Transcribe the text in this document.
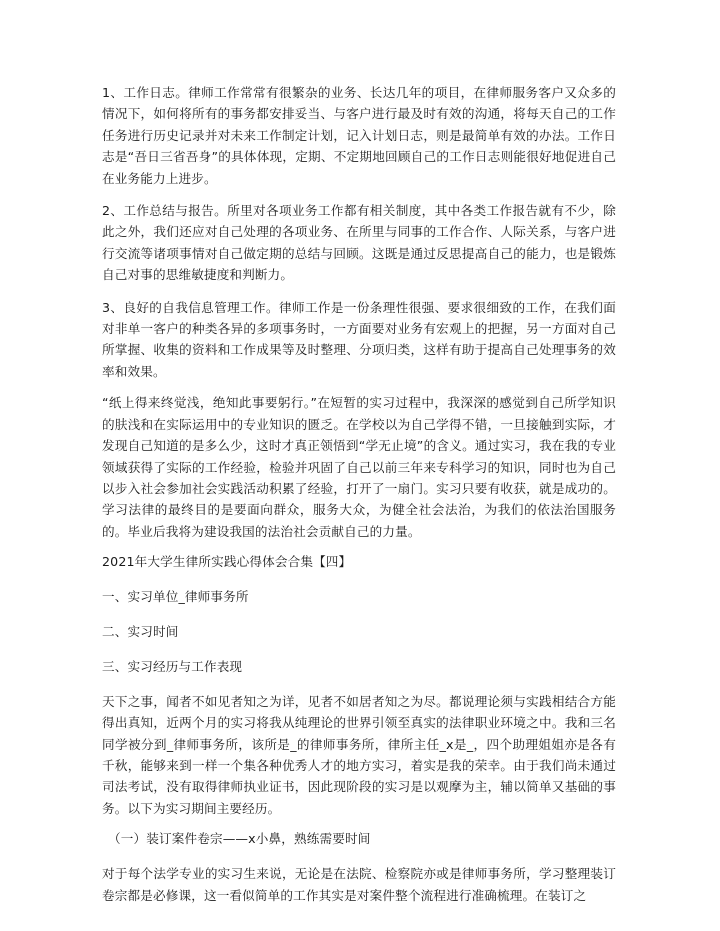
1、工作日志。律师工作常常有很繁杂的业务、长达几年的项目，在律师服务客户又众多的情况下，如何将所有的事务都安排妥当、与客户进行最及时有效的沟通，将每天自己的工作任务进行历史记录并对未来工作制定计划，记入计划日志，则是最简单有效的办法。工作日志是“吾日三省吾身”的具体体现，定期、不定期地回顾自己的工作日志则能很好地促进自己在业务能力上进步。

2、工作总结与报告。所里对各项业务工作都有相关制度，其中各类工作报告就有不少，除此之外，我们还应对自己处理的各项业务、在所里与同事的工作合作、人际关系，与客户进行交流等诸项事情对自己做定期的总结与回顾。这既是通过反思提高自己的能力，也是锻炼自己对事的思维敏捷度和判断力。

3、良好的自我信息管理工作。律师工作是一份条理性很强、要求很细致的工作，在我们面对非单一客户的种类各异的多项事务时，一方面要对业务有宏观上的把握，另一方面对自己所掌握、收集的资料和工作成果等及时整理、分项归类，这样有助于提高自己处理事务的效率和效果。

“纸上得来终觉浅，绝知此事要躬行。”在短暂的实习过程中，我深深的感觉到自己所学知识的肤浅和在实际运用中的专业知识的匮乏。在学校以为自己学得不错，一旦接触到实际，才发现自己知道的是多么少，这时才真正领悟到“学无止境”的含义。通过实习，我在我的专业领域获得了实际的工作经验，检验并巩固了自己以前三年来专科学习的知识，同时也为自己以步入社会参加社会实践活动积累了经验，打开了一扇门。实习只要有收获，就是成功的。学习法律的最终目的是要面向群众，服务大众，为健全社会法治，为我们的依法治国服务的。毕业后我将为建设我国的法治社会贡献自己的力量。

2021年大学生律所实践心得体会合集【四】

一、实习单位_律师事务所

二、实习时间

三、实习经历与工作表现

天下之事，闻者不如见者知之为详，见者不如居者知之为尽。都说理论须与实践相结合方能得出真知，近两个月的实习将我从纯理论的世界引领至真实的法律职业环境之中。我和三名同学被分到_律师事务所，该所是_的律师事务所，律所主任_x是_，四个助理姐姐亦是各有千秋，能够来到一样一个集各种优秀人才的地方实习，着实是我的荣幸。由于我们尚未通过司法考试，没有取得律师执业证书，因此现阶段的实习是以观摩为主，辅以简单又基础的事务。以下为实习期间主要经历。

（一）装订案件卷宗——x小鼻，熟练需要时间

对于每个法学专业的实习生来说，无论是在法院、检察院亦或是律师事务所，学习整理装订卷宗都是必修课，这一看似简单的工作其实是对案件整个流程进行准确梳理。在装订之
